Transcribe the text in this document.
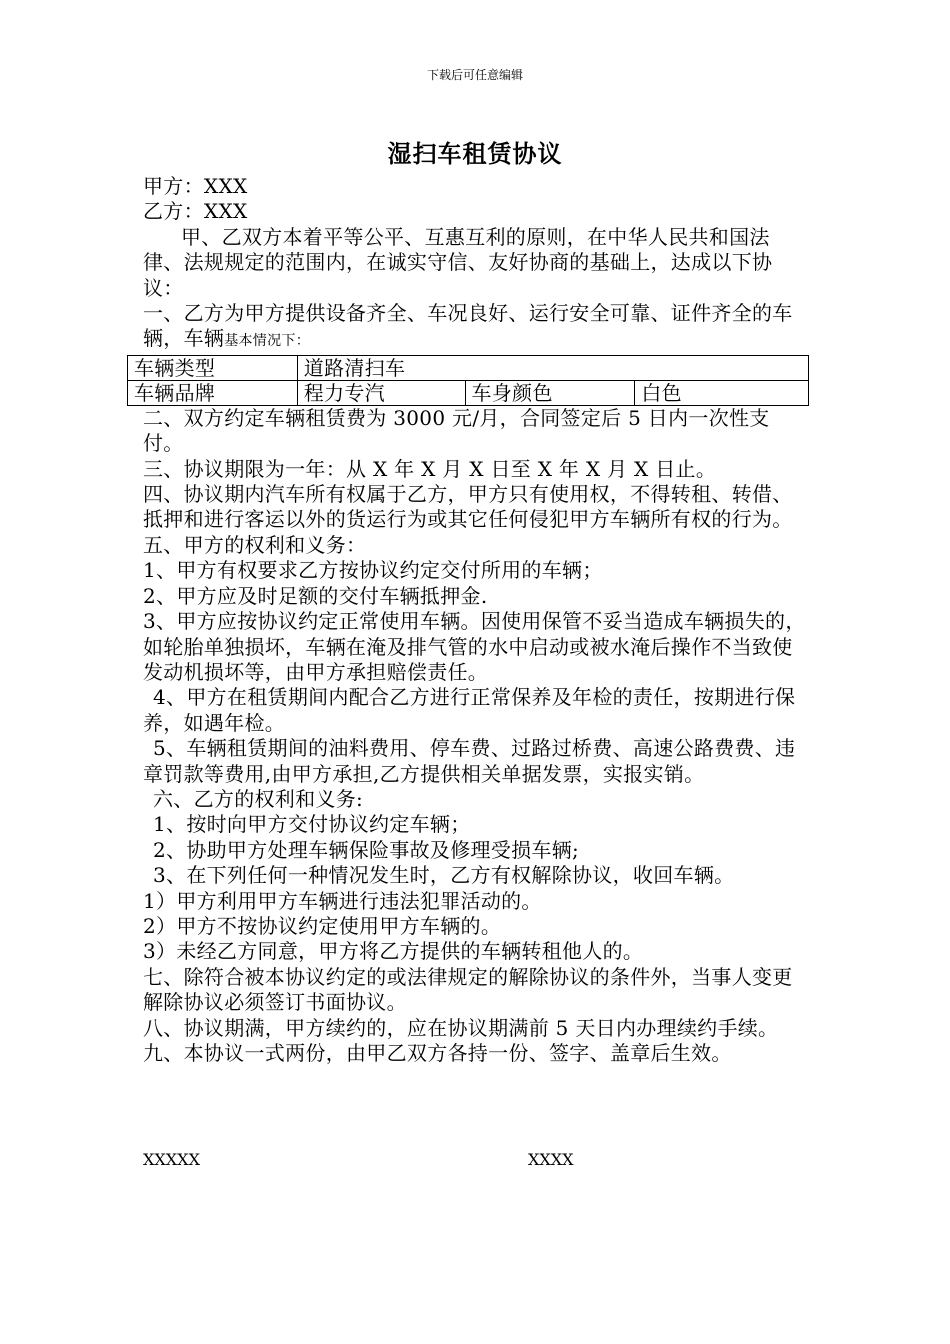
下载后可任意编辑
湿扫车租赁协议

甲方：XXX

乙方：XXX

甲、乙双方本着平等公平、互惠互利的原则，在中华人民共和国法律、法规规定的范围内，在诚实守信、友好协商的基础上，达成以下协议：

一、乙方为甲方提供设备齐全、车况良好、运行安全可靠、证件齐全的车辆，车辆基本情况下：

车辆类型	道路清扫车		
车辆品牌	程力专汽	车身颜色	白色

二、双方约定车辆租赁费为 3000 元/月，合同签定后 5 日内一次性支付。

三、协议期限为一年：从 X 年 X 月 X 日至 X 年 X 月 X 日止。

四、协议期内汽车所有权属于乙方，甲方只有使用权，不得转租、转借、抵押和进行客运以外的货运行为或其它任何侵犯甲方车辆所有权的行为。

五、甲方的权利和义务：

1、甲方有权要求乙方按协议约定交付所用的车辆；

2、甲方应及时足额的交付车辆抵押金.

3、甲方应按协议约定正常使用车辆。因使用保管不妥当造成车辆损失的，如轮胎单独损坏，车辆在淹及排气管的水中启动或被水淹后操作不当致使发动机损坏等，由甲方承担赔偿责任。

4、甲方在租赁期间内配合乙方进行正常保养及年检的责任，按期进行保养，如遇年检。

5、车辆租赁期间的油料费用、停车费、过路过桥费、高速公路费费、违章罚款等费用,由甲方承担,乙方提供相关单据发票，实报实销。

六、乙方的权利和义务:

1、按时向甲方交付协议约定车辆；

2、协助甲方处理车辆保险事故及修理受损车辆;

3、在下列任何一种情况发生时，乙方有权解除协议，收回车辆。

1）甲方利用甲方车辆进行违法犯罪活动的。

2）甲方不按协议约定使用甲方车辆的。

3）未经乙方同意，甲方将乙方提供的车辆转租他人的。

七、除符合被本协议约定的或法律规定的解除协议的条件外，当事人变更解除协议必须签订书面协议。

八、协议期满，甲方续约的，应在协议期满前 5 天日内办理续约手续。

九、本协议一式两份，由甲乙双方各持一份、签字、盖章后生效。

XXXXX	XXXX
